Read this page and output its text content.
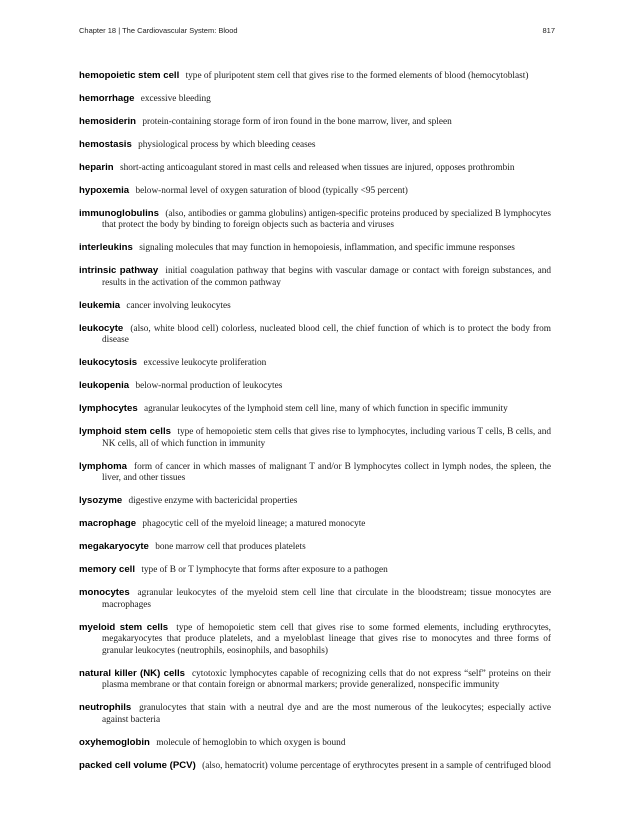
Chapter 18 | The Cardiovascular System: Blood	817

hemopoietic stem cell type of pluripotent stem cell that gives rise to the formed elements of blood (hemocytoblast)

hemorrhage excessive bleeding

hemosiderin protein-containing storage form of iron found in the bone marrow, liver, and spleen

hemostasis physiological process by which bleeding ceases

heparin short-acting anticoagulant stored in mast cells and released when tissues are injured, opposes prothrombin

hypoxemia below-normal level of oxygen saturation of blood (typically <95 percent)

immunoglobulins (also, antibodies or gamma globulins) antigen-specific proteins produced by specialized B lymphocytes that protect the body by binding to foreign objects such as bacteria and viruses

interleukins signaling molecules that may function in hemopoiesis, inflammation, and specific immune responses

intrinsic pathway initial coagulation pathway that begins with vascular damage or contact with foreign substances, and results in the activation of the common pathway

leukemia cancer involving leukocytes

leukocyte (also, white blood cell) colorless, nucleated blood cell, the chief function of which is to protect the body from disease

leukocytosis excessive leukocyte proliferation

leukopenia below-normal production of leukocytes

lymphocytes agranular leukocytes of the lymphoid stem cell line, many of which function in specific immunity

lymphoid stem cells type of hemopoietic stem cells that gives rise to lymphocytes, including various T cells, B cells, and NK cells, all of which function in immunity

lymphoma form of cancer in which masses of malignant T and/or B lymphocytes collect in lymph nodes, the spleen, the liver, and other tissues

lysozyme digestive enzyme with bactericidal properties

macrophage phagocytic cell of the myeloid lineage; a matured monocyte

megakaryocyte bone marrow cell that produces platelets

memory cell type of B or T lymphocyte that forms after exposure to a pathogen

monocytes agranular leukocytes of the myeloid stem cell line that circulate in the bloodstream; tissue monocytes are macrophages

myeloid stem cells type of hemopoietic stem cell that gives rise to some formed elements, including erythrocytes, megakaryocytes that produce platelets, and a myeloblast lineage that gives rise to monocytes and three forms of granular leukocytes (neutrophils, eosinophils, and basophils)

natural killer (NK) cells cytotoxic lymphocytes capable of recognizing cells that do not express “self” proteins on their plasma membrane or that contain foreign or abnormal markers; provide generalized, nonspecific immunity

neutrophils granulocytes that stain with a neutral dye and are the most numerous of the leukocytes; especially active against bacteria

oxyhemoglobin molecule of hemoglobin to which oxygen is bound

packed cell volume (PCV) (also, hematocrit) volume percentage of erythrocytes present in a sample of centrifuged blood
